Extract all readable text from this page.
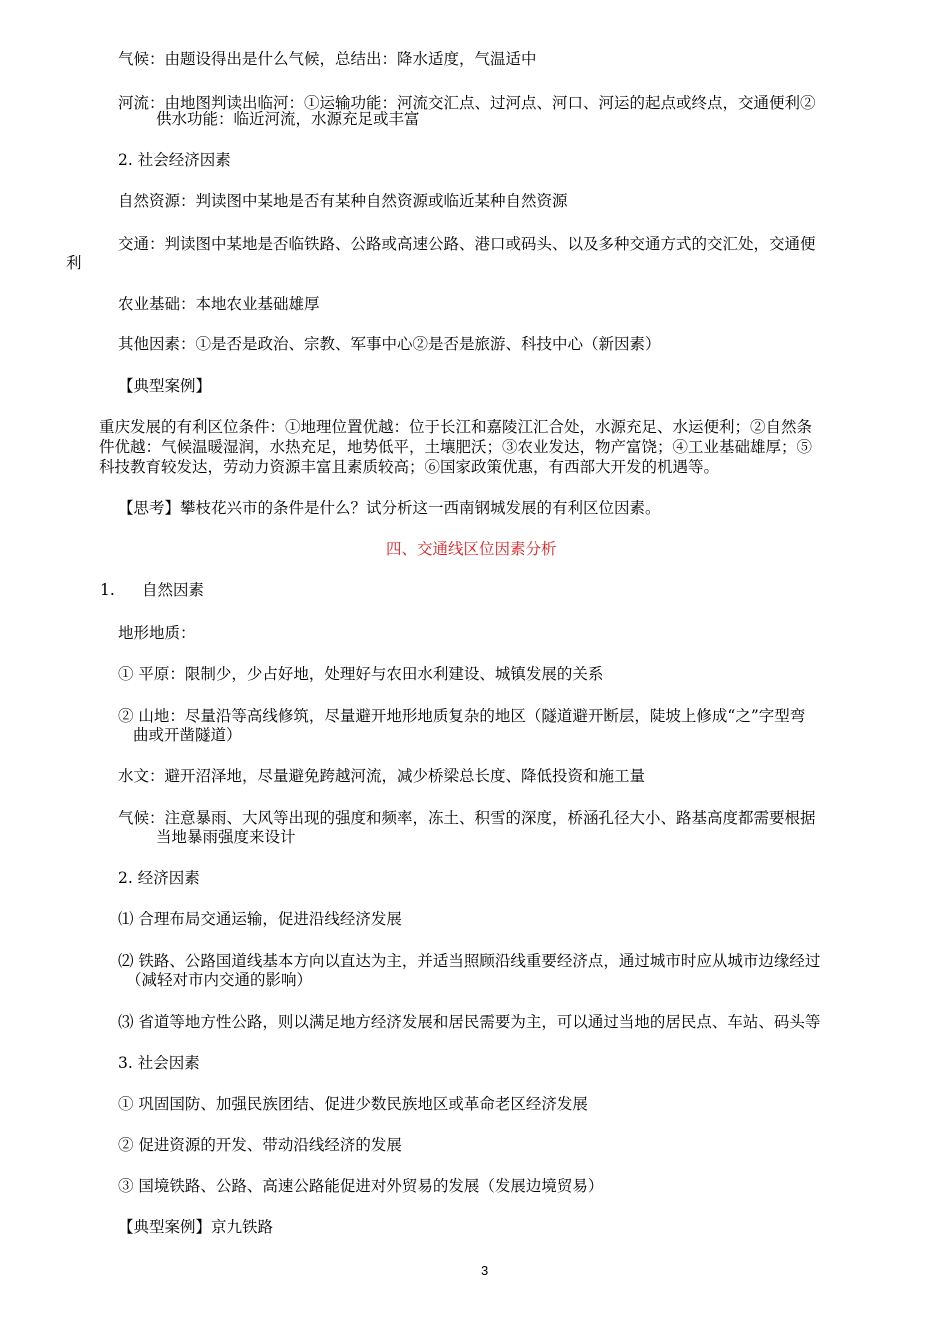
气候：由题设得出是什么气候，总结出：降水适度，气温适中

河流：由地图判读出临河：①运输功能：河流交汇点、过河点、河口、河运的起点或终点，交通便利②

供水功能：临近河流，水源充足或丰富

2. 社会经济因素

自然资源：判读图中某地是否有某种自然资源或临近某种自然资源

交通：判读图中某地是否临铁路、公路或高速公路、港口或码头、以及多种交通方式的交汇处，交通便

利

农业基础：本地农业基础雄厚

其他因素：①是否是政治、宗教、军事中心②是否是旅游、科技中心（新因素）

【典型案例】

重庆发展的有利区位条件：①地理位置优越：位于长江和嘉陵江汇合处，水源充足、水运便利；②自然条

件优越：气候温暖湿润，水热充足，地势低平，土壤肥沃；③农业发达，物产富饶；④工业基础雄厚；⑤

科技教育较发达，劳动力资源丰富且素质较高；⑥国家政策优惠，有西部大开发的机遇等。

【思考】攀枝花兴市的条件是什么？试分析这一西南钢城发展的有利区位因素。

四、交通线区位因素分析

1. 自然因素

地形地质：

① 平原：限制少，少占好地，处理好与农田水利建设、城镇发展的关系

② 山地：尽量沿等高线修筑，尽量避开地形地质复杂的地区（隧道避开断层，陡坡上修成“之”字型弯

曲或开凿隧道）

水文：避开沼泽地，尽量避免跨越河流，减少桥梁总长度、降低投资和施工量

气候：注意暴雨、大风等出现的强度和频率，冻土、积雪的深度，桥涵孔径大小、路基高度都需要根据

当地暴雨强度来设计

2. 经济因素

⑴ 合理布局交通运输，促进沿线经济发展

⑵ 铁路、公路国道线基本方向以直达为主，并适当照顾沿线重要经济点，通过城市时应从城市边缘经过

（减轻对市内交通的影响）

⑶ 省道等地方性公路，则以满足地方经济发展和居民需要为主，可以通过当地的居民点、车站、码头等

3. 社会因素

① 巩固国防、加强民族团结、促进少数民族地区或革命老区经济发展

② 促进资源的开发、带动沿线经济的发展

③ 国境铁路、公路、高速公路能促进对外贸易的发展（发展边境贸易）

【典型案例】京九铁路

3
